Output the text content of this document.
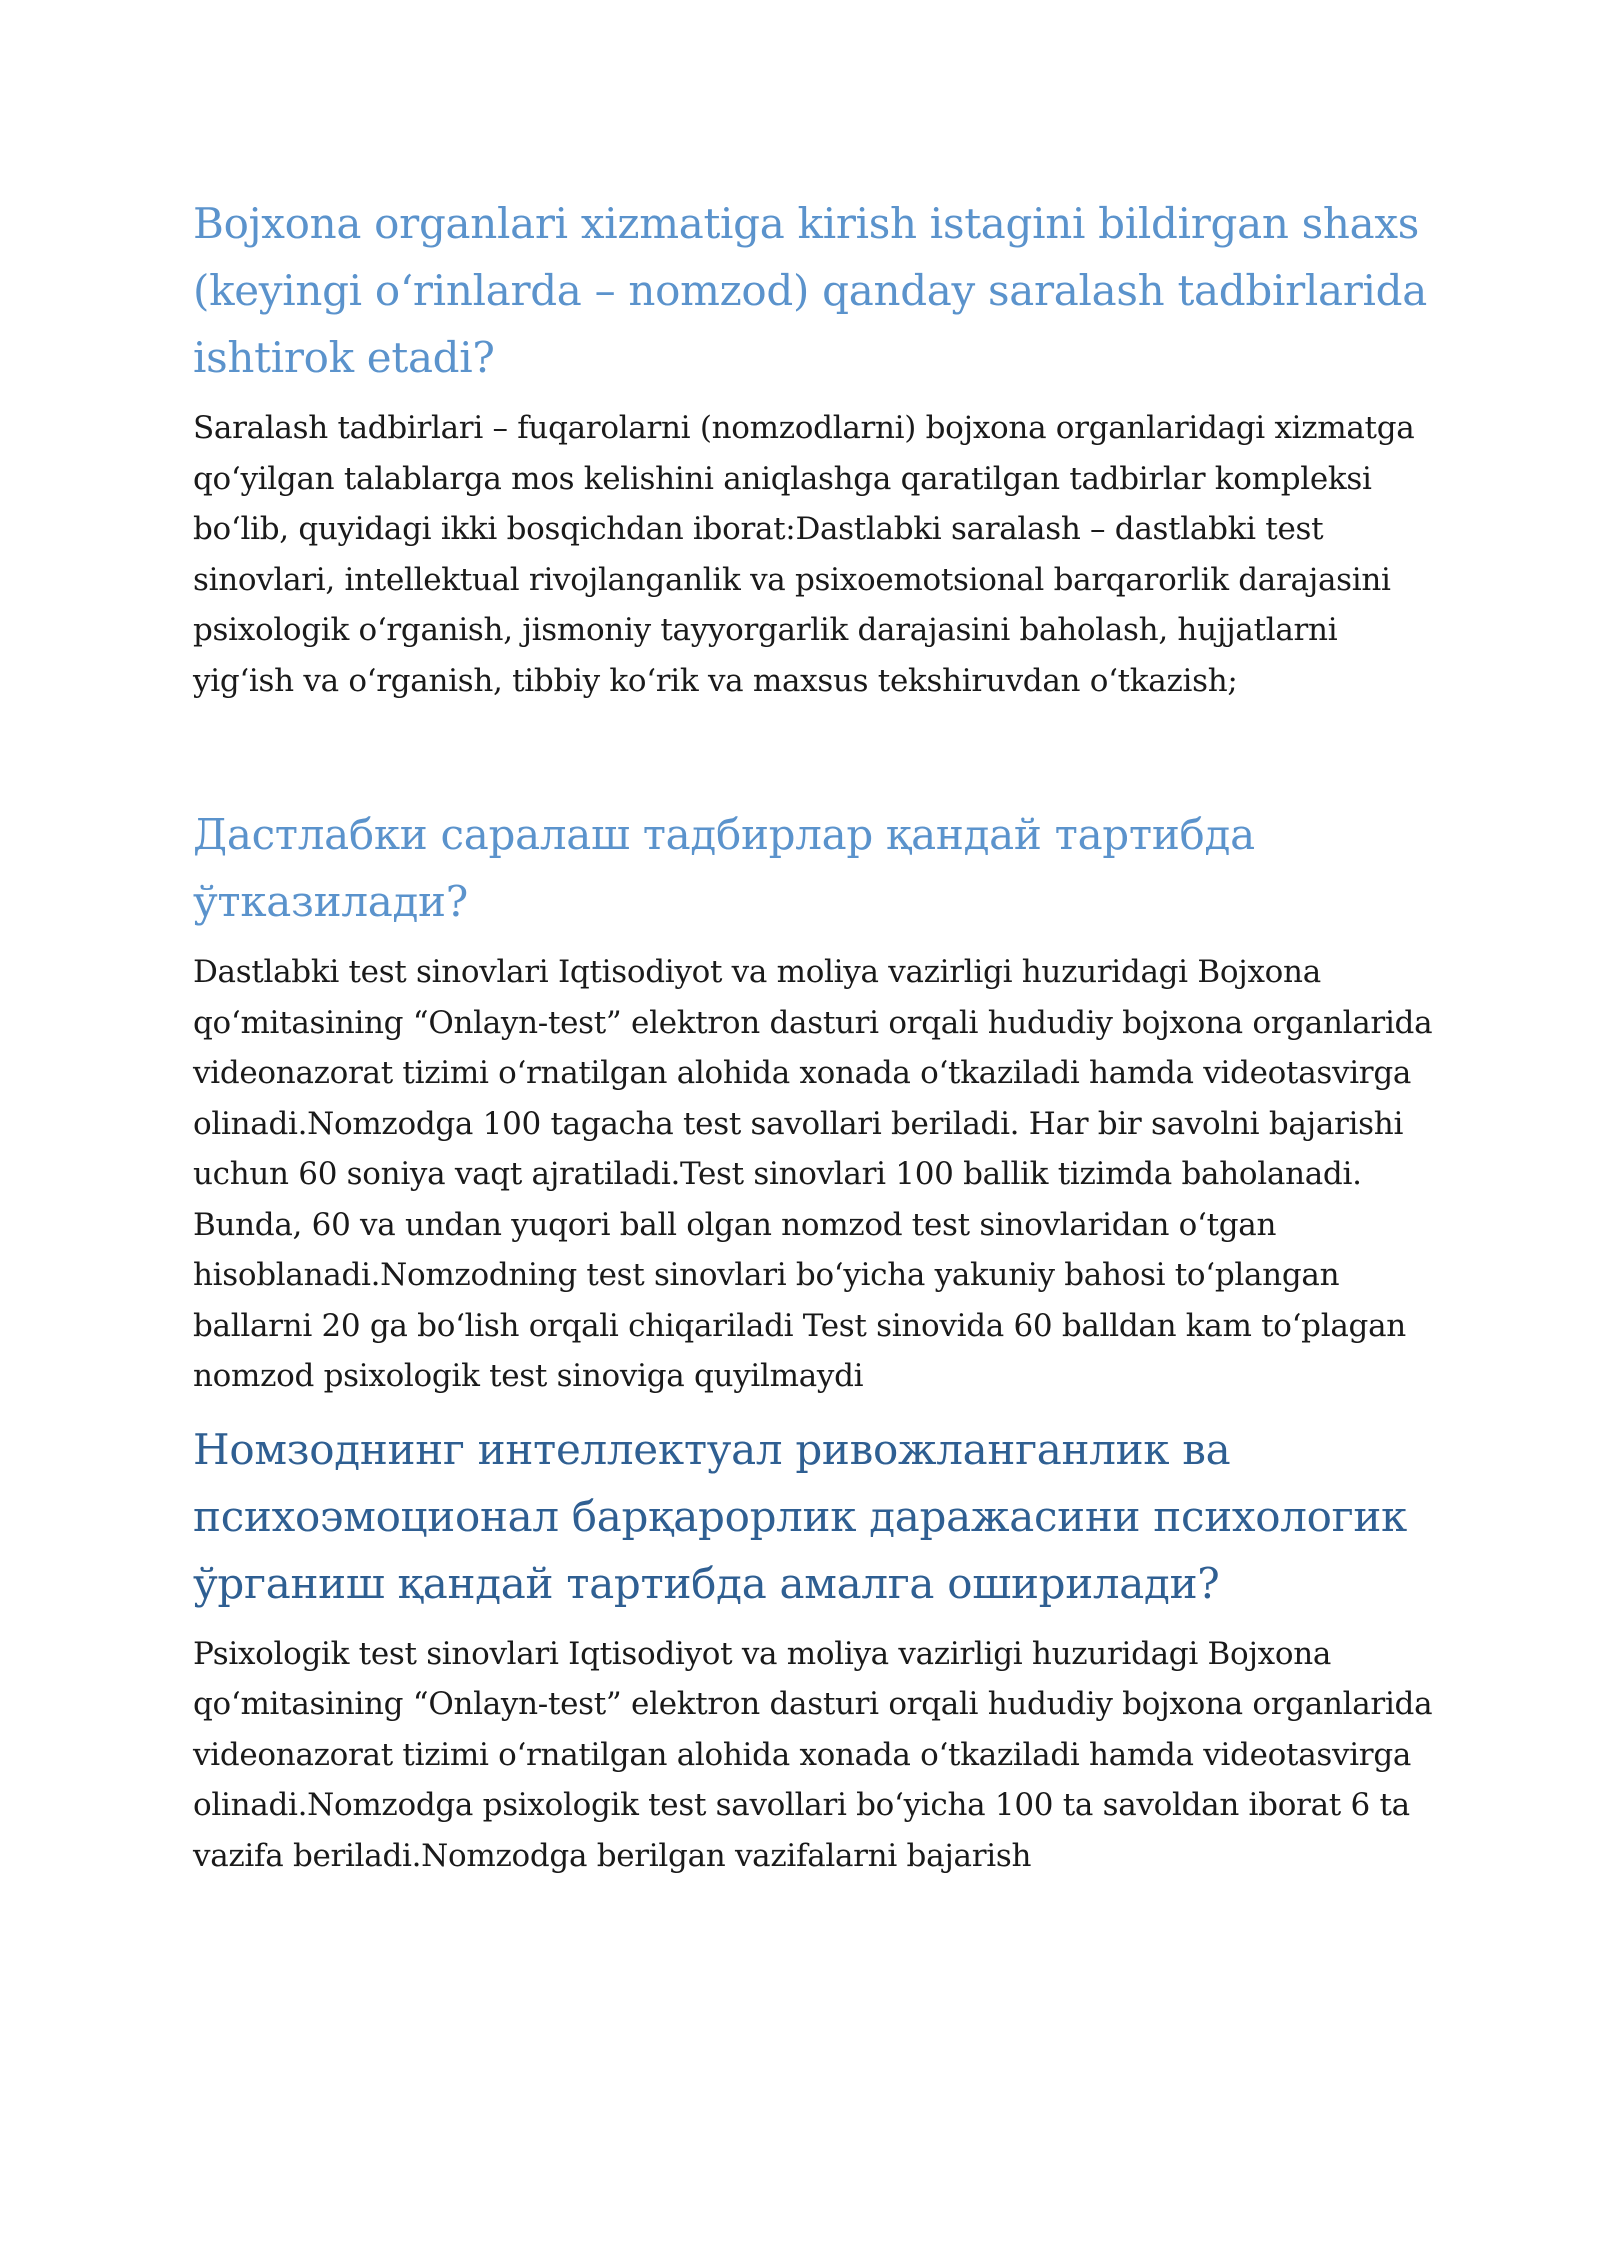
Bojxona organlari xizmatiga kirish istagini bildirgan shaxs (keyingi o‘rinlarda – nomzod) qanday saralash tadbirlarida ishtirok etadi?

Saralash tadbirlari – fuqarolarni (nomzodlarni) bojxona organlaridagi xizmatga qo‘yilgan talablarga mos kelishini aniqlashga qaratilgan tadbirlar kompleksi bo‘lib, quyidagi ikki bosqichdan iborat:Dastlabki saralash – dastlabki test sinovlari, intellektual rivojlanganlik va psixoemotsional barqarorlik darajasini psixologik o‘rganish, jismoniy tayyorgarlik darajasini baholash, hujjatlarni yig‘ish va o‘rganish, tibbiy ko‘rik va maxsus tekshiruvdan o‘tkazish;

Дастлабки саралаш тадбирлар қандай тартибда ўтказилади?

Dastlabki test sinovlari Iqtisodiyot va moliya vazirligi huzuridagi Bojxona qo‘mitasining “Onlayn-test” elektron dasturi orqali hududiy bojxona organlarida videonazorat tizimi o‘rnatilgan alohida xonada o‘tkaziladi hamda videotasvirga olinadi.Nomzodga 100 tagacha test savollari beriladi. Har bir savolni bajarishi uchun 60 soniya vaqt ajratiladi.Test sinovlari 100 ballik tizimda baholanadi. Bunda, 60 va undan yuqori ball olgan nomzod test sinovlaridan o‘tgan hisoblanadi.Nomzodning test sinovlari bo‘yicha yakuniy bahosi to‘plangan ballarni 20 ga bo‘lish orqali chiqariladi Test sinovida 60 balldan kam to‘plagan nomzod psixologik test sinoviga quyilmaydi

Номзоднинг интеллектуал ривожланганлик ва психоэмоционал барқарорлик даражасини психологик ўрганиш қандай тартибда амалга оширилади?

Psixologik test sinovlari Iqtisodiyot va moliya vazirligi huzuridagi Bojxona qo‘mitasining “Onlayn-test” elektron dasturi orqali hududiy bojxona organlarida videonazorat tizimi o‘rnatilgan alohida xonada o‘tkaziladi hamda videotasvirga olinadi.Nomzodga psixologik test savollari bo‘yicha 100 ta savoldan iborat 6 ta vazifa beriladi.Nomzodga berilgan vazifalarni bajarish
